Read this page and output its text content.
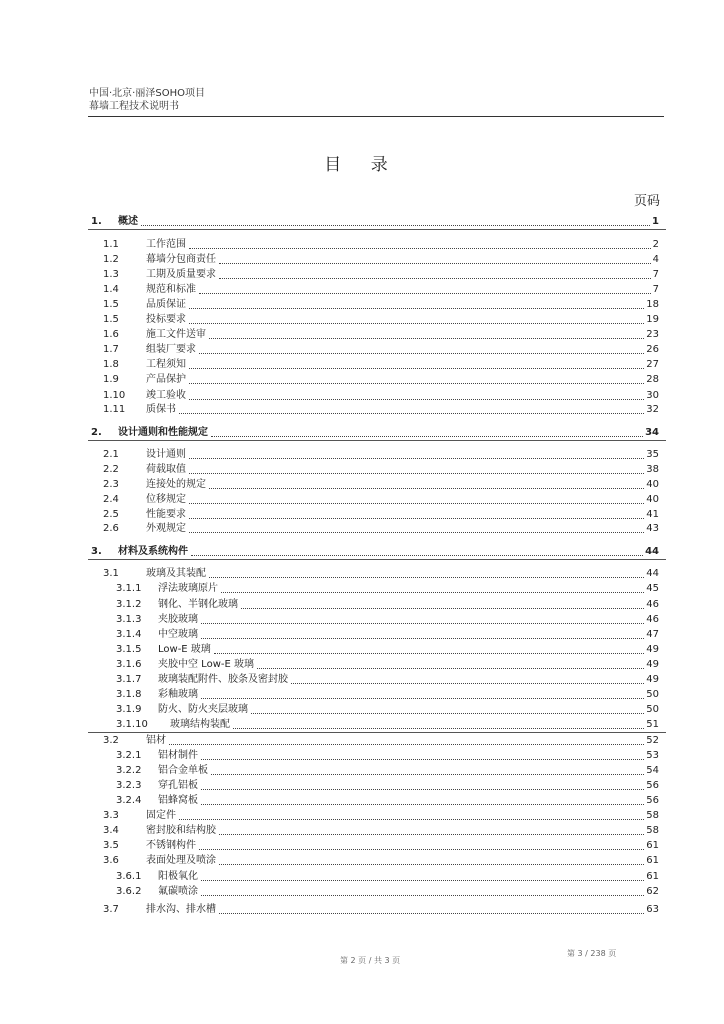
中国·北京·丽泽SOHO项目
幕墙工程技术说明书
目 录
页码
1. 概述	1
1.1	工作范围	2
1.2	幕墙分包商责任	4
1.3	工期及质量要求	7
1.4	规范和标准	7
1.5	品质保证	18
1.5	投标要求	19
1.6	施工文件送审	23
1.7	组装厂要求	26
1.8	工程须知	27
1.9	产品保护	28
1.10 竣工验收	30
1.11 质保书	32
2. 设计通则和性能规定	34
2.1	设计通则	35
2.2	荷载取值	38
2.3	连接处的规定	40
2.4	位移规定	40
2.5	性能要求	41
2.6	外观规定	43
3. 材料及系统构件	44
3.1	玻璃及其装配	44
3.1.1 浮法玻璃原片	45
3.1.2 钢化、半钢化玻璃	46
3.1.3 夹胶玻璃	46
3.1.4 中空玻璃	47
3.1.5 Low-E 玻璃	49
3.1.6 夹胶中空 Low-E 玻璃	49
3.1.7 玻璃装配附件、胶条及密封胶	49
3.1.8 彩釉玻璃	50
3.1.9 防火、防火夹层玻璃	50
3.1.10 玻璃结构装配	51
3.2	铝材	52
3.2.1 铝材制件	53
3.2.2 铝合金单板	54
3.2.3 穿孔铝板	56
3.2.4 铝蜂窝板	56
3.3	固定件	58
3.4	密封胶和结构胶	58
3.5	不锈钢构件	61
3.6	表面处理及喷涂	61
3.6.1 阳极氧化	61
3.6.2 氟碳喷涂	62
3.7	排水沟、排水槽	63
第 2 页 / 共 3 页
第 3 / 238 页
